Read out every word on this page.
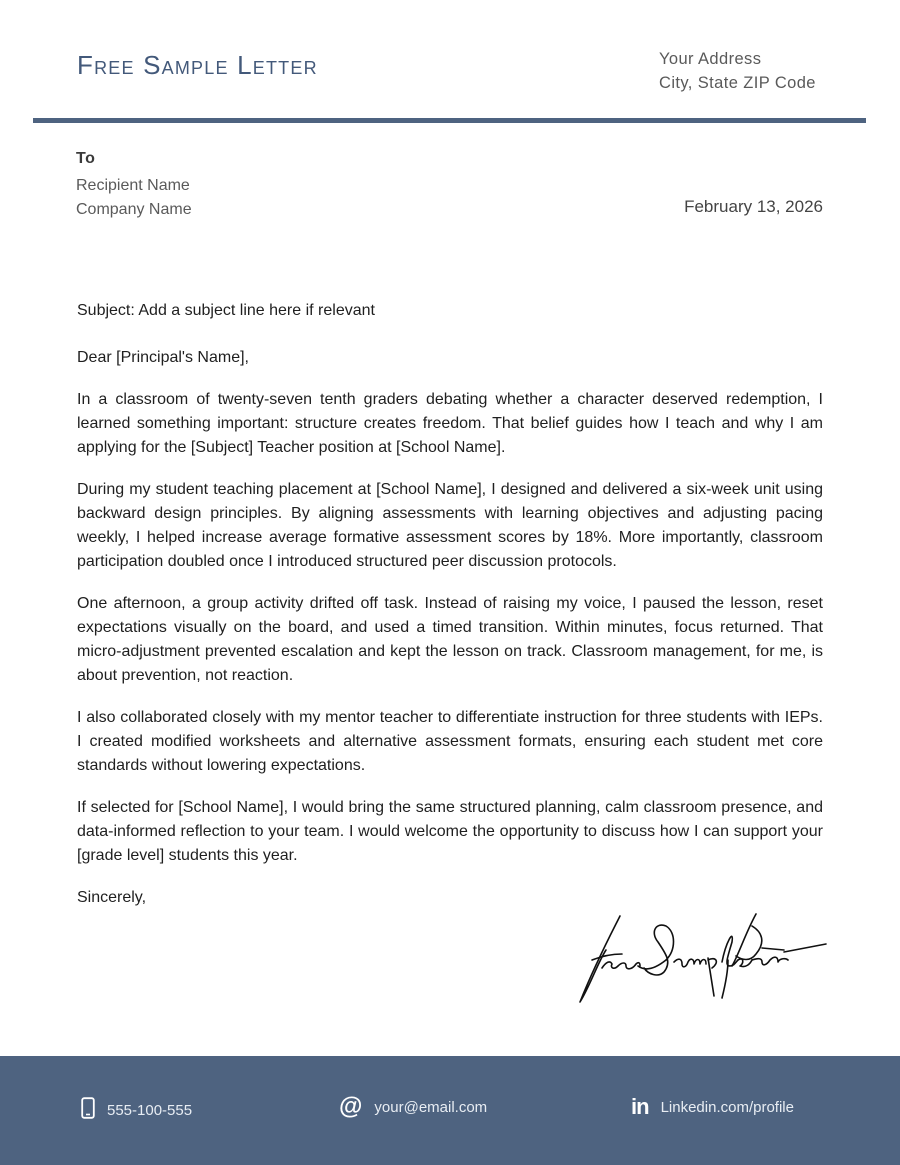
Free Sample Letter	Your Address
City, State ZIP Code
To
Recipient Name
Company Name	February 13, 2026

Subject: Add a subject line here if relevant

Dear [Principal's Name],

In a classroom of twenty-seven tenth graders debating whether a character deserved redemption, I learned something important: structure creates freedom. That belief guides how I teach and why I am applying for the [Subject] Teacher position at [School Name].

During my student teaching placement at [School Name], I designed and delivered a six-week unit using backward design principles. By aligning assessments with learning objectives and adjusting pacing weekly, I helped increase average formative assessment scores by 18%. More importantly, classroom participation doubled once I introduced structured peer discussion protocols.

One afternoon, a group activity drifted off task. Instead of raising my voice, I paused the lesson, reset expectations visually on the board, and used a timed transition. Within minutes, focus returned. That micro-adjustment prevented escalation and kept the lesson on track. Classroom management, for me, is about prevention, not reaction.

I also collaborated closely with my mentor teacher to differentiate instruction for three students with IEPs. I created modified worksheets and alternative assessment formats, ensuring each student met core standards without lowering expectations.

If selected for [School Name], I would bring the same structured planning, calm classroom presence, and data-informed reflection to your team. I would welcome the opportunity to discuss how I can support your [grade level] students this year.

Sincerely,

555-100-555	@ your@email.com	in Linkedin.com/profile
